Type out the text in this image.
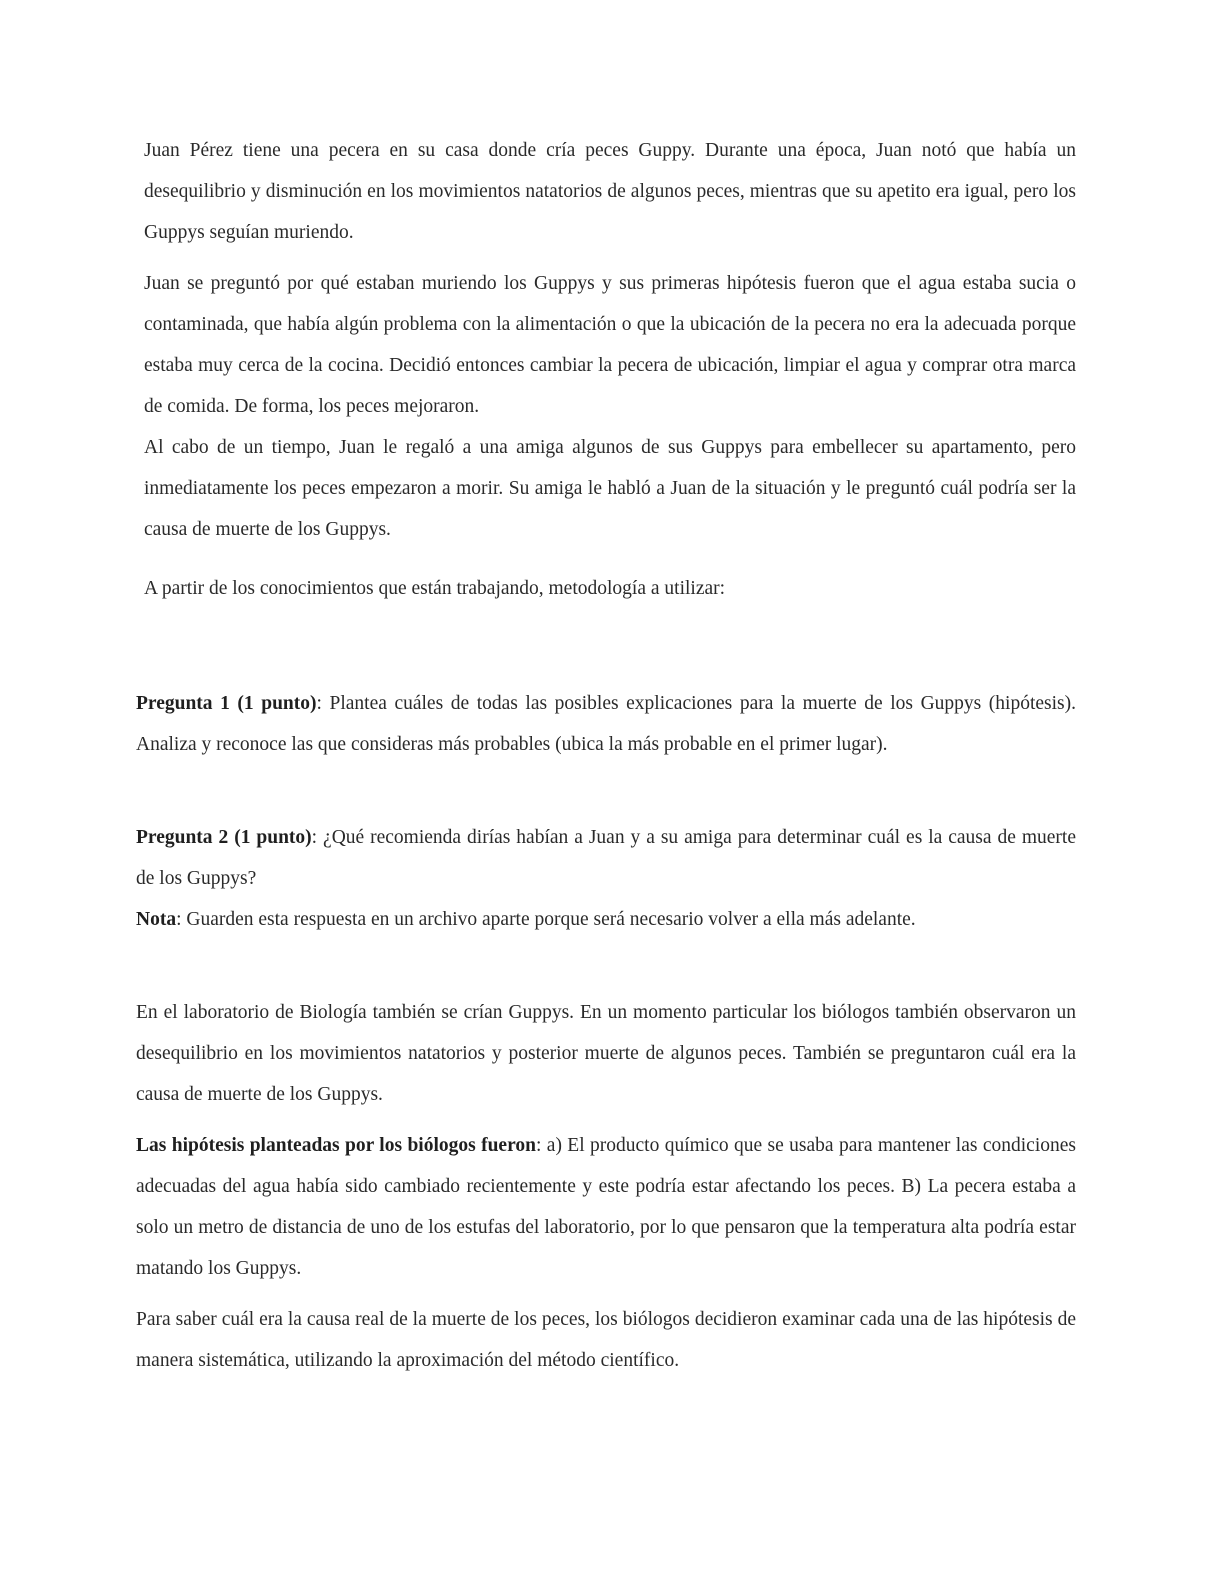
Juan Pérez tiene una pecera en su casa donde cría peces Guppy. Durante una época, Juan notó que había un desequilibrio y disminución en los movimientos natatorios de algunos peces, mientras que su apetito era igual, pero los Guppys seguían muriendo.

Juan se preguntó por qué estaban muriendo los Guppys y sus primeras hipótesis fueron que el agua estaba sucia o contaminada, que había algún problema con la alimentación o que la ubicación de la pecera no era la adecuada porque estaba muy cerca de la cocina. Decidió entonces cambiar la pecera de ubicación, limpiar el agua y comprar otra marca de comida. De forma, los peces mejoraron.

Al cabo de un tiempo, Juan le regaló a una amiga algunos de sus Guppys para embellecer su apartamento, pero inmediatamente los peces empezaron a morir. Su amiga le habló a Juan de la situación y le preguntó cuál podría ser la causa de muerte de los Guppys.

A partir de los conocimientos que están trabajando, metodología a utilizar:

Pregunta 1 (1 punto): Plantea cuáles de todas las posibles explicaciones para la muerte de los Guppys (hipótesis). Analiza y reconoce las que consideras más probables (ubica la más probable en el primer lugar).

Pregunta 2 (1 punto): ¿Qué recomienda dirías habían a Juan y a su amiga para determinar cuál es la causa de muerte de los Guppys?

Nota: Guarden esta respuesta en un archivo aparte porque será necesario volver a ella más adelante.

En el laboratorio de Biología también se crían Guppys. En un momento particular los biólogos también observaron un desequilibrio en los movimientos natatorios y posterior muerte de algunos peces. También se preguntaron cuál era la causa de muerte de los Guppys.

Las hipótesis planteadas por los biólogos fueron: a) El producto químico que se usaba para mantener las condiciones adecuadas del agua había sido cambiado recientemente y este podría estar afectando los peces. B) La pecera estaba a solo un metro de distancia de uno de los estufas del laboratorio, por lo que pensaron que la temperatura alta podría estar matando los Guppys.

Para saber cuál era la causa real de la muerte de los peces, los biólogos decidieron examinar cada una de las hipótesis de manera sistemática, utilizando la aproximación del método científico.
